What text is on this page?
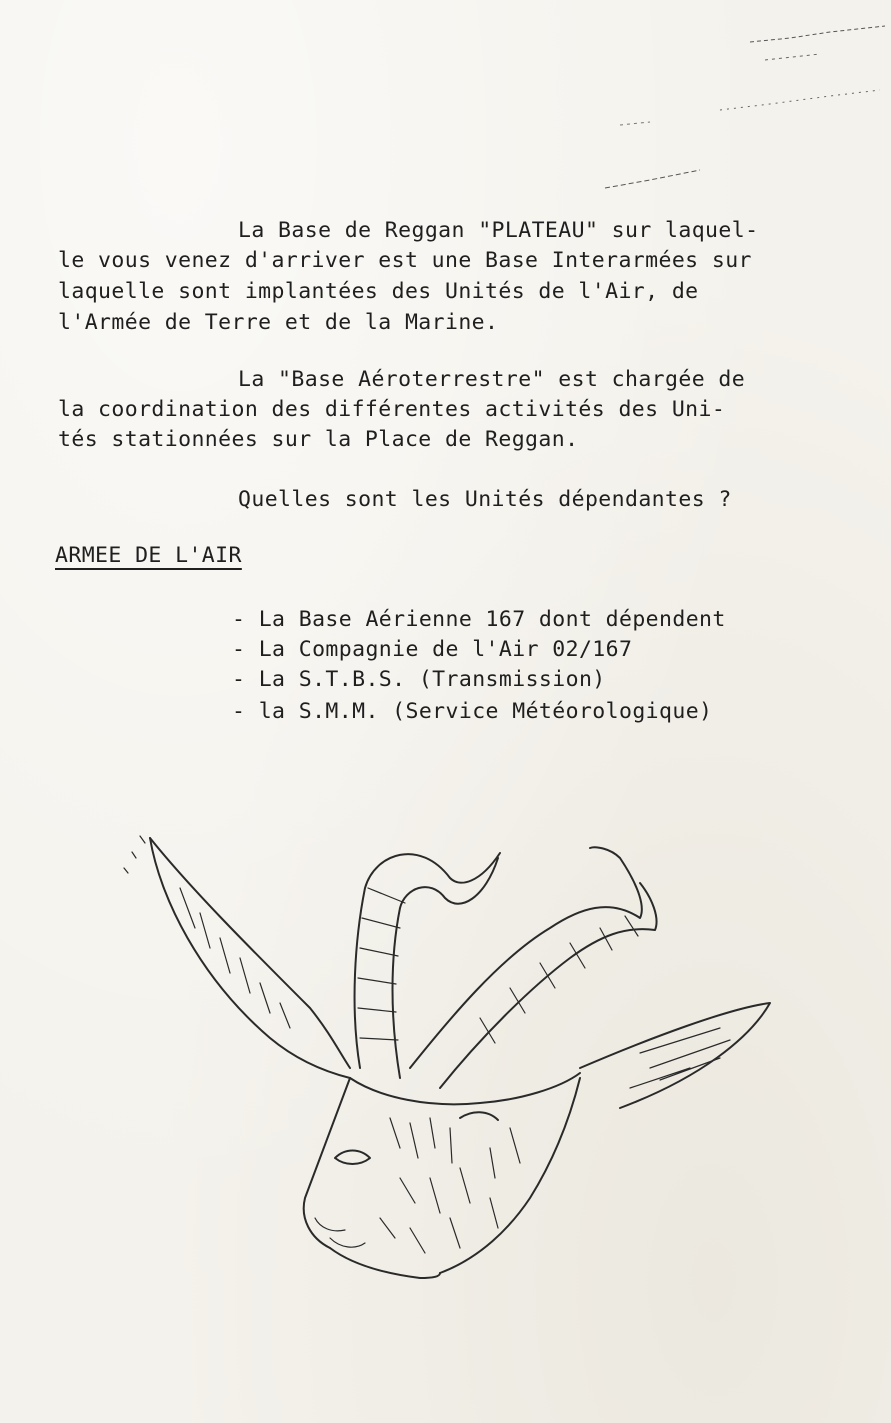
La Base de Reggan "PLATEAU" sur laquel-
le vous venez d'arriver est une Base Interarmées sur
laquelle sont implantées des Unités de l'Air, de
l'Armée de Terre et de la Marine.
La "Base Aéroterrestre" est chargée de
la coordination des différentes activités des Uni-
tés stationnées sur la Place de Reggan.
Quelles sont les Unités dépendantes ?
ARMEE DE L'AIR
- La Base Aérienne 167 dont dépendent
- La Compagnie de l'Air 02/167
- La S.T.B.S. (Transmission)
- la S.M.M. (Service Météorologique)
